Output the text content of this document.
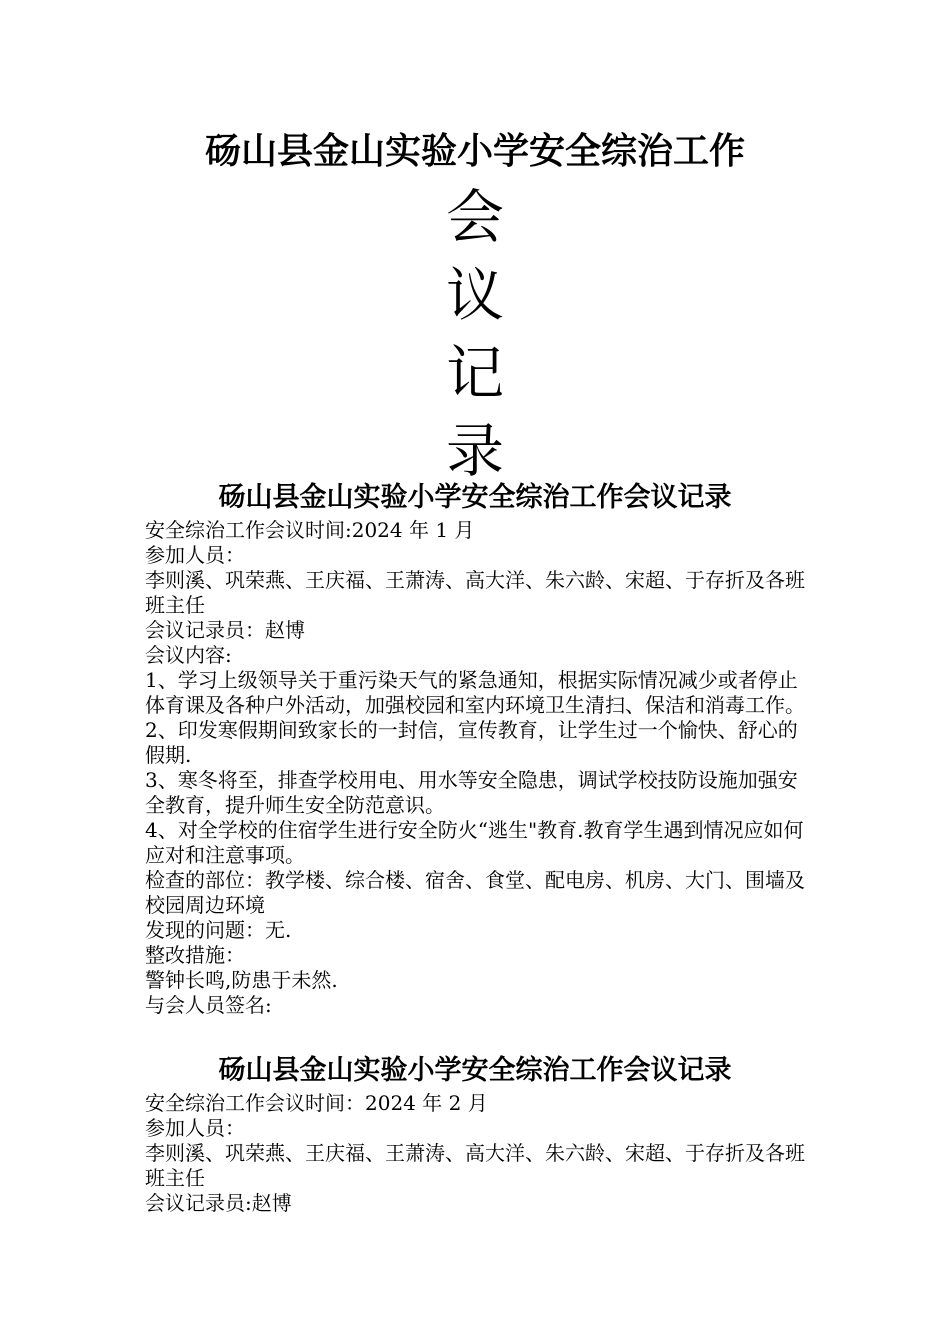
砀山县金山实验小学安全综治工作
会
议
记
录
砀山县金山实验小学安全综治工作会议记录

安全综治工作会议时间:2024 年 1 月

参加人员：

李则溪、巩荣燕、王庆福、王萧涛、高大洋、朱六龄、宋超、于存折及各班班主任

会议记录员：赵博

会议内容:

1、学习上级领导关于重污染天气的紧急通知，根据实际情况减少或者停止体育课及各种户外活动，加强校园和室内环境卫生清扫、保洁和消毒工作。

2、印发寒假期间致家长的一封信，宣传教育，让学生过一个愉快、舒心的假期.

3、寒冬将至，排查学校用电、用水等安全隐患，调试学校技防设施加强安全教育，提升师生安全防范意识。

4、对全学校的住宿学生进行安全防火“逃生"教育.教育学生遇到情况应如何应对和注意事项。

检查的部位：教学楼、综合楼、宿舍、食堂、配电房、机房、大门、围墙及校园周边环境

发现的问题：无.

整改措施：

警钟长鸣,防患于未然.

与会人员签名:

砀山县金山实验小学安全综治工作会议记录

安全综治工作会议时间：2024 年 2 月

参加人员：

李则溪、巩荣燕、王庆福、王萧涛、高大洋、朱六龄、宋超、于存折及各班班主任

会议记录员:赵博
